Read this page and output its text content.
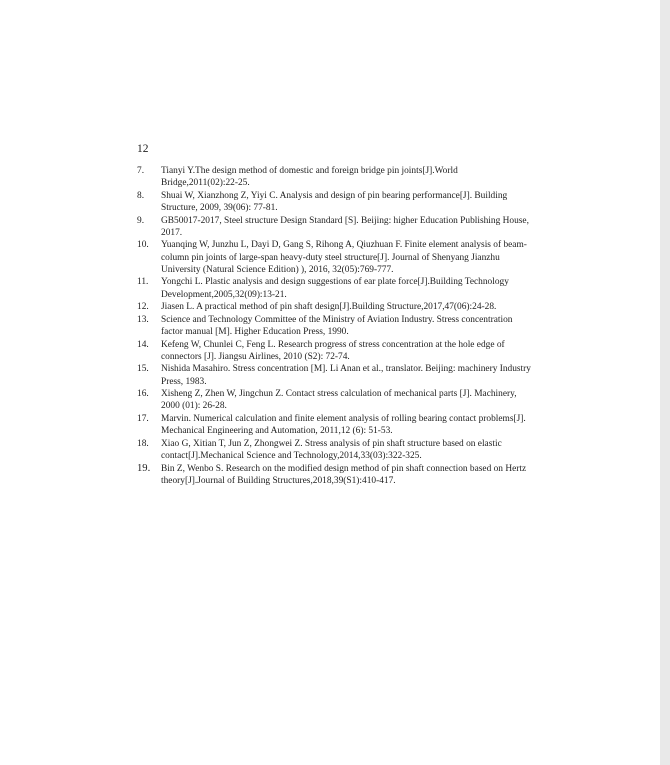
12
7.	Tianyi Y.The design method of domestic and foreign bridge pin joints[J].World Bridge,2011(02):22-25.
8.	Shuai W, Xianzhong Z, Yiyi C. Analysis and design of pin bearing performance[J]. Building Structure, 2009, 39(06): 77-81.
9.	GB50017-2017, Steel structure Design Standard [S]. Beijing: higher Education Publishing House, 2017.
10.	Yuanqing W, Junzhu L, Dayi D, Gang S, Rihong A, Qiuzhuan F. Finite element analysis of beam-column pin joints of large-span heavy-duty steel structure[J]. Journal of Shenyang Jianzhu University (Natural Science Edition) ), 2016, 32(05):769-777.
11.	Yongchi L. Plastic analysis and design suggestions of ear plate force[J].Building Technology Development,2005,32(09):13-21.
12.	Jiasen L. A practical method of pin shaft design[J].Building Structure,2017,47(06):24-28.
13.	Science and Technology Committee of the Ministry of Aviation Industry. Stress concentration factor manual [M]. Higher Education Press, 1990.
14.	Kefeng W, Chunlei C, Feng L. Research progress of stress concentration at the hole edge of connectors [J]. Jiangsu Airlines, 2010 (S2): 72-74.
15.	Nishida Masahiro. Stress concentration [M]. Li Anan et al., translator. Beijing: machinery Industry Press, 1983.
16.	Xisheng Z, Zhen W, Jingchun Z. Contact stress calculation of mechanical parts [J]. Machinery, 2000 (01): 26-28.
17.	Marvin. Numerical calculation and finite element analysis of rolling bearing contact problems[J]. Mechanical Engineering and Automation, 2011,12 (6): 51-53.
18.	Xiao G, Xitian T, Jun Z, Zhongwei Z. Stress analysis of pin shaft structure based on elastic contact[J].Mechanical Science and Technology,2014,33(03):322-325.
19.	Bin Z, Wenbo S. Research on the modified design method of pin shaft connection based on Hertz theory[J].Journal of Building Structures,2018,39(S1):410-417.
